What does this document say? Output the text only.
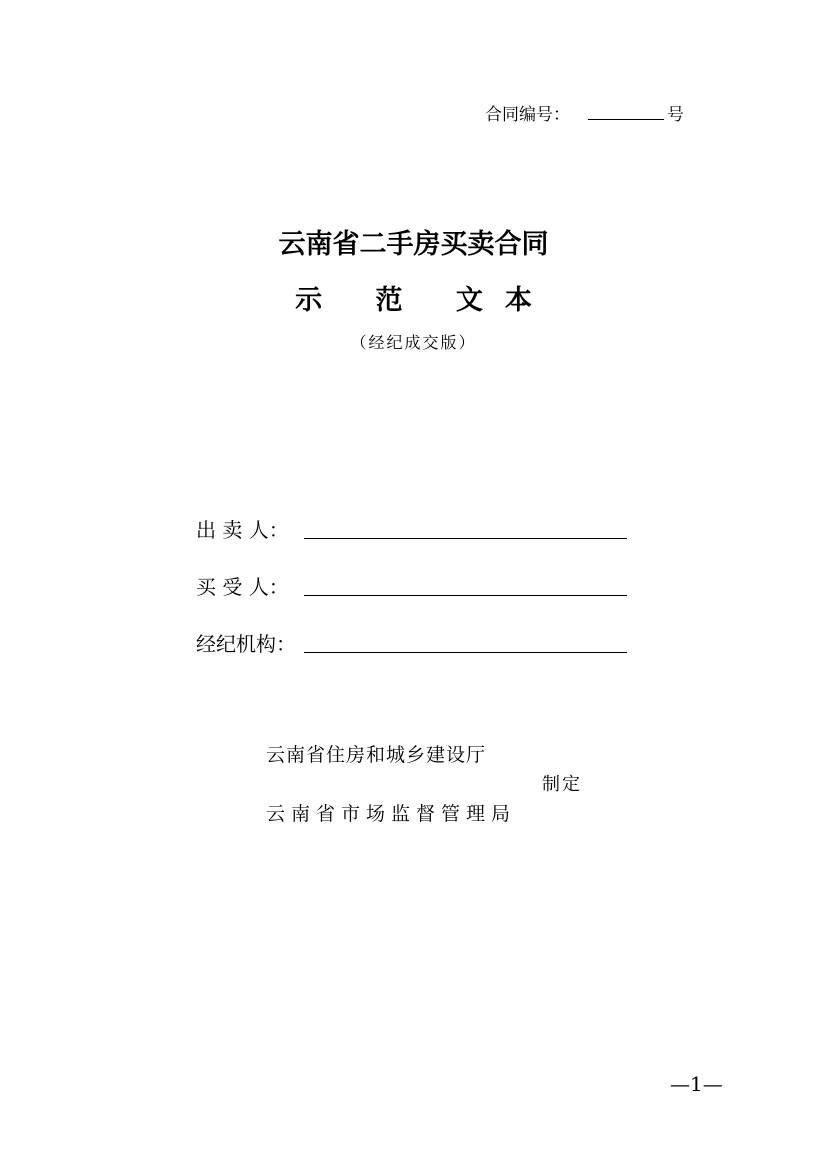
合同编号：	号
云南省二手房买卖合同
示 范 文本
（经纪成交版）
出 卖 人：
买 受 人：
经纪机构：
云南省住房和城乡建设厅
制定
云南省市场监督管理局
—1—
